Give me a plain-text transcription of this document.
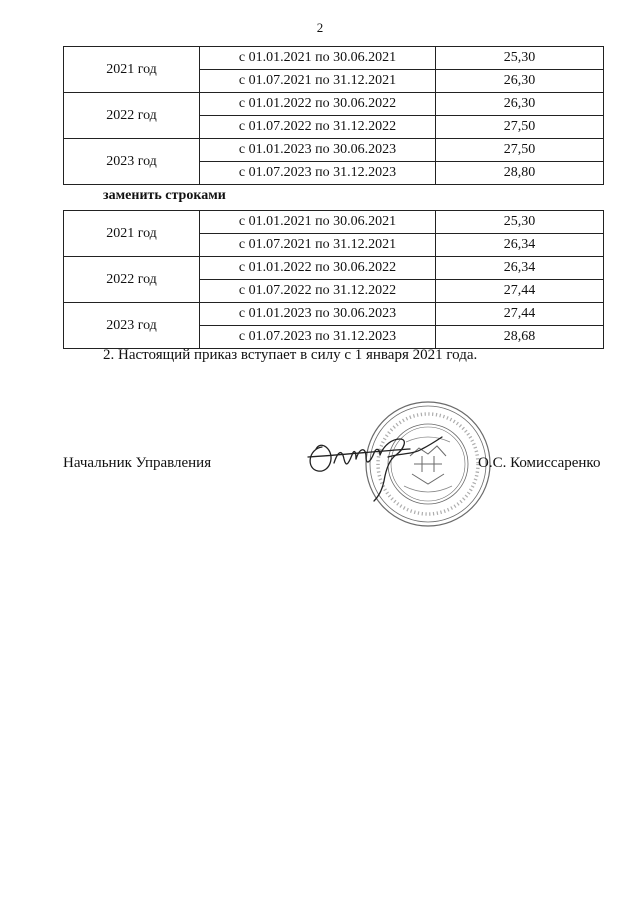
2
2021 год	с 01.01.2021 по 30.06.2021	25,30
	с 01.07.2021 по 31.12.2021	26,30
2022 год	с 01.01.2022 по 30.06.2022	26,30
	с 01.07.2022 по 31.12.2022	27,50
2023 год	с 01.01.2023 по 30.06.2023	27,50
	с 01.07.2023 по 31.12.2023	28,80
заменить строками
2021 год	с 01.01.2021 по 30.06.2021	25,30
	с 01.07.2021 по 31.12.2021	26,34
2022 год	с 01.01.2022 по 30.06.2022	26,34
	с 01.07.2022 по 31.12.2022	27,44
2023 год	с 01.01.2023 по 30.06.2023	27,44
	с 01.07.2023 по 31.12.2023	28,68
2. Настоящий приказ вступает в силу с 1 января 2021 года.
Начальник Управления	О.С. Комиссаренко
